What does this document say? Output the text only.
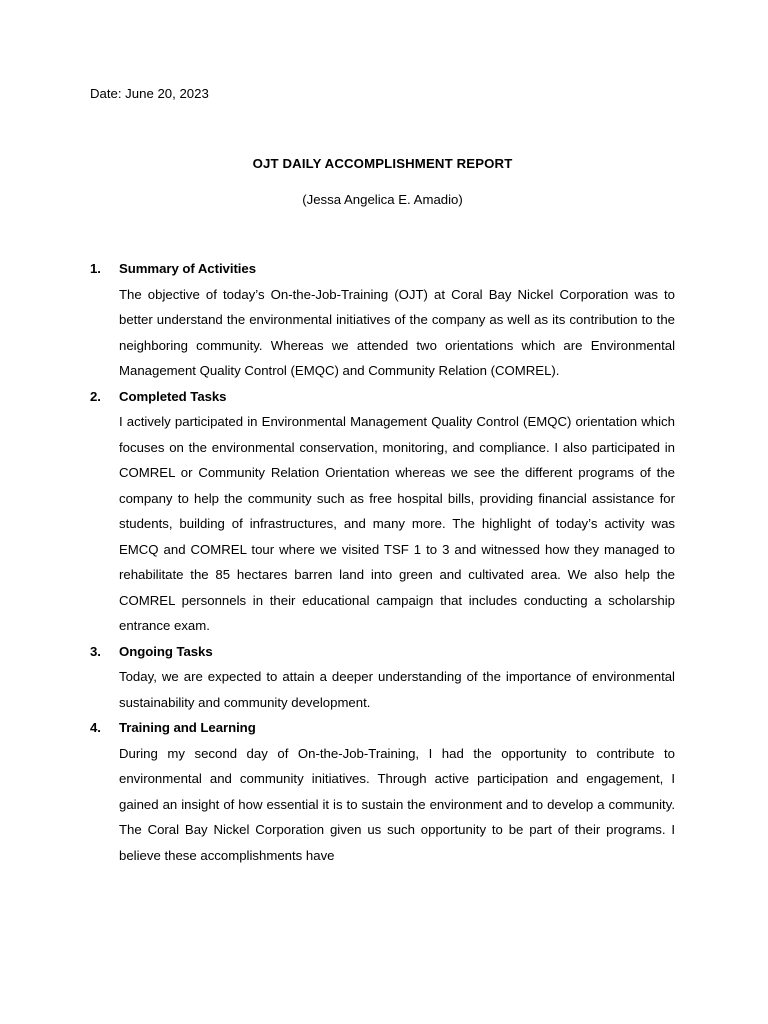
Date: June 20, 2023
OJT DAILY ACCOMPLISHMENT REPORT
(Jessa Angelica E. Amadio)
Summary of Activities

The objective of today’s On-the-Job-Training (OJT) at Coral Bay Nickel Corporation was to better understand the environmental initiatives of the company as well as its contribution to the neighboring community. Whereas we attended two orientations which are Environmental Management Quality Control (EMQC) and Community Relation (COMREL).

Completed Tasks

I actively participated in Environmental Management Quality Control (EMQC) orientation which focuses on the environmental conservation, monitoring, and compliance. I also participated in COMREL or Community Relation Orientation whereas we see the different programs of the company to help the community such as free hospital bills, providing financial assistance for students, building of infrastructures, and many more. The highlight of today’s activity was EMCQ and COMREL tour where we visited TSF 1 to 3 and witnessed how they managed to rehabilitate the 85 hectares barren land into green and cultivated area. We also help the COMREL personnels in their educational campaign that includes conducting a scholarship entrance exam.

Ongoing Tasks

Today, we are expected to attain a deeper understanding of the importance of environmental sustainability and community development.

Training and Learning

During my second day of On-the-Job-Training, I had the opportunity to contribute to environmental and community initiatives. Through active participation and engagement, I gained an insight of how essential it is to sustain the environment and to develop a community. The Coral Bay Nickel Corporation given us such opportunity to be part of their programs. I believe these accomplishments have
